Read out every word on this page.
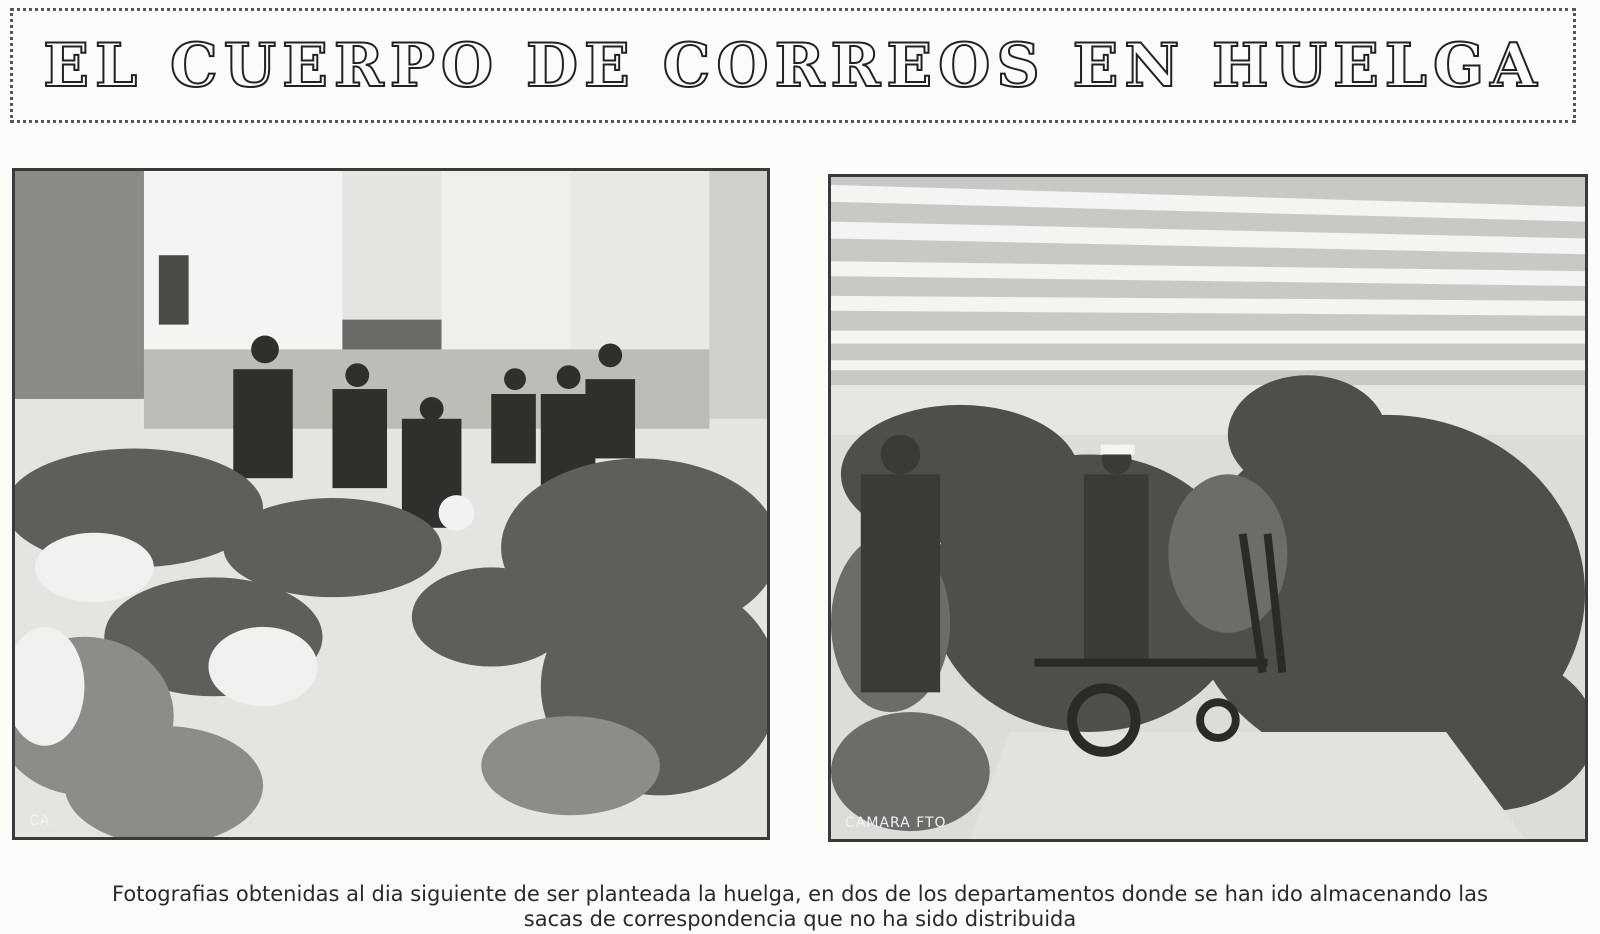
EL CUERPO DE CORREOS EN HUELGA
CA	CAMARA FTO
Fotografias obtenidas al dia siguiente de ser planteada la huelga, en dos de los departamentos donde se han ido almacenando las
sacas de correspondencia que no ha sido distribuida
